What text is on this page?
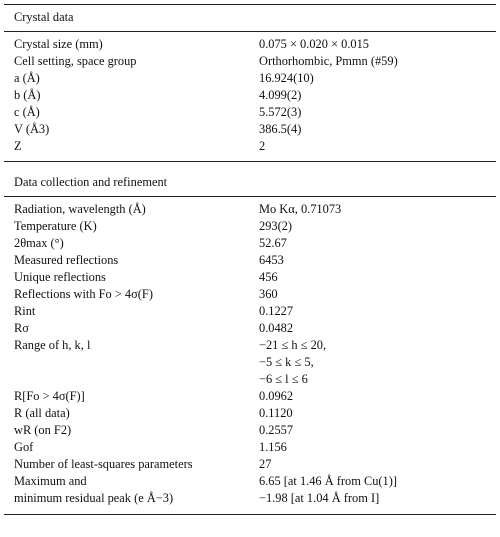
Crystal data
Crystal size (mm)	0.075 × 0.020 × 0.015
Cell setting, space group	Orthorhombic, Pmmn (#59)
a (Å)	16.924(10)
b (Å)	4.099(2)
c (Å)	5.572(3)
V (Å3)	386.5(4)
Z	2
Data collection and refinement
Radiation, wavelength (Å)	Mo Kα, 0.71073
Temperature (K)	293(2)
2θmax (°)	52.67
Measured reflections	6453
Unique reflections	456
Reflections with Fo > 4σ(F)	360
Rint	0.1227
Rσ	0.0482
Range of h, k, l	−21 ≤ h ≤ 20,
−5 ≤ k ≤ 5,
−6 ≤ l ≤ 6
R[Fo > 4σ(F)]	0.0962
R (all data)	0.1120
wR (on F2)	0.2557
Gof	1.156
Number of least-squares parameters	27
Maximum and	6.65 [at 1.46 Å from Cu(1)]
minimum residual peak (e Å−3)	−1.98 [at 1.04 Å from I]
